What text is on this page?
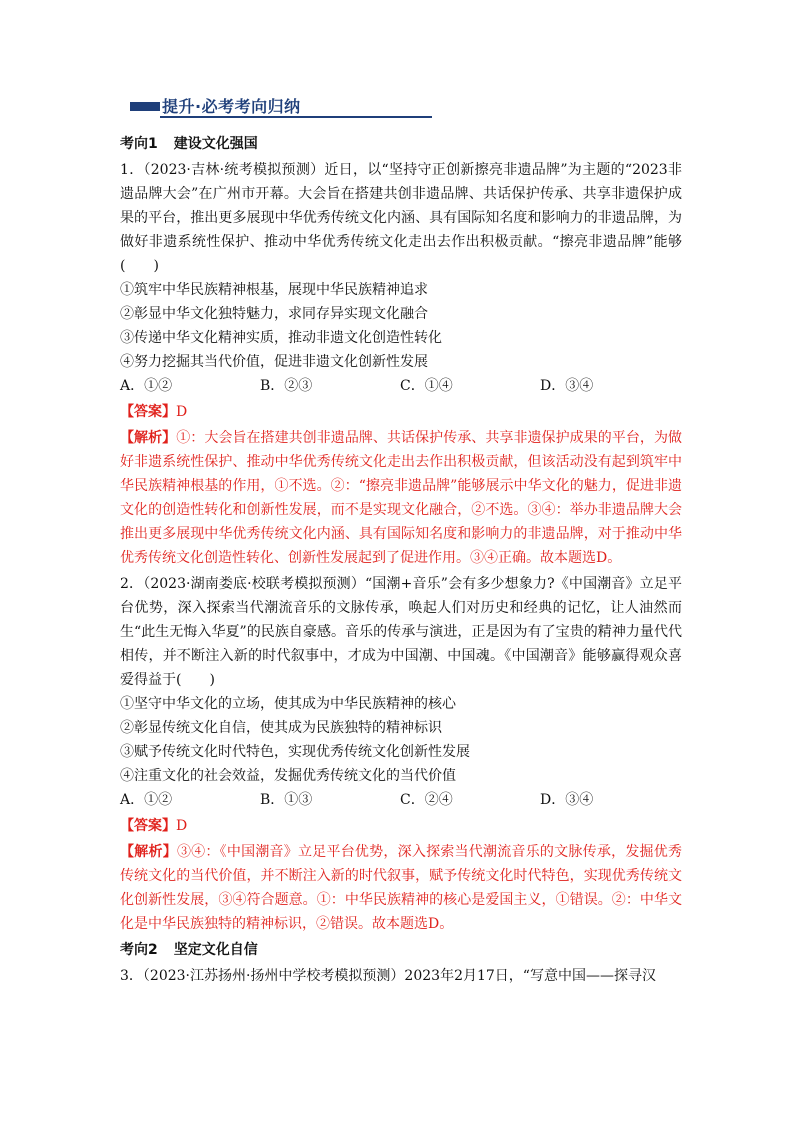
提升·必考考向归纳
考向1 建设文化强国

1．（2023·吉林·统考模拟预测）近日，以“坚持守正创新擦亮非遗品牌”为主题的“2023非遗品牌大会”在广州市开幕。大会旨在搭建共创非遗品牌、共话保护传承、共享非遗保护成果的平台，推出更多展现中华优秀传统文化内涵、具有国际知名度和影响力的非遗品牌，为做好非遗系统性保护、推动中华优秀传统文化走出去作出积极贡献。“擦亮非遗品牌”能够(　　)

①筑牢中华民族精神根基，展现中华民族精神追求

②彰显中华文化独特魅力，求同存异实现文化融合

③传递中华文化精神实质，推动非遗文化创造性转化

④努力挖掘其当代价值，促进非遗文化创新性发展

A．①②	B．②③	C．①④	D．③④

【答案】D

【解析】①：大会旨在搭建共创非遗品牌、共话保护传承、共享非遗保护成果的平台，为做好非遗系统性保护、推动中华优秀传统文化走出去作出积极贡献，但该活动没有起到筑牢中华民族精神根基的作用，①不选。②：“擦亮非遗品牌”能够展示中华文化的魅力，促进非遗文化的创造性转化和创新性发展，而不是实现文化融合，②不选。③④：举办非遗品牌大会推出更多展现中华优秀传统文化内涵、具有国际知名度和影响力的非遗品牌，对于推动中华优秀传统文化创造性转化、创新性发展起到了促进作用。③④正确。故本题选D。

2．（2023·湖南娄底·校联考模拟预测）“国潮+音乐”会有多少想象力?《中国潮音》立足平台优势，深入探索当代潮流音乐的文脉传承，唤起人们对历史和经典的记忆，让人油然而生“此生无悔入华夏”的民族自豪感。音乐的传承与演进，正是因为有了宝贵的精神力量代代相传，并不断注入新的时代叙事中，才成为中国潮、中国魂。《中国潮音》能够赢得观众喜爱得益于(　　)

①坚守中华文化的立场，使其成为中华民族精神的核心

②彰显传统文化自信，使其成为民族独特的精神标识

③赋予传统文化时代特色，实现优秀传统文化创新性发展

④注重文化的社会效益，发掘优秀传统文化的当代价值

A．①②	B．①③	C．②④	D．③④

【答案】D

【解析】③④：《中国潮音》立足平台优势，深入探索当代潮流音乐的文脉传承，发掘优秀传统文化的当代价值，并不断注入新的时代叙事，赋予传统文化时代特色，实现优秀传统文化创新性发展，③④符合题意。①：中华民族精神的核心是爱国主义，①错误。②：中华文化是中华民族独特的精神标识，②错误。故本题选D。

考向2 坚定文化自信

3．（2023·江苏扬州·扬州中学校考模拟预测）2023年2月17日，“写意中国——探寻汉
